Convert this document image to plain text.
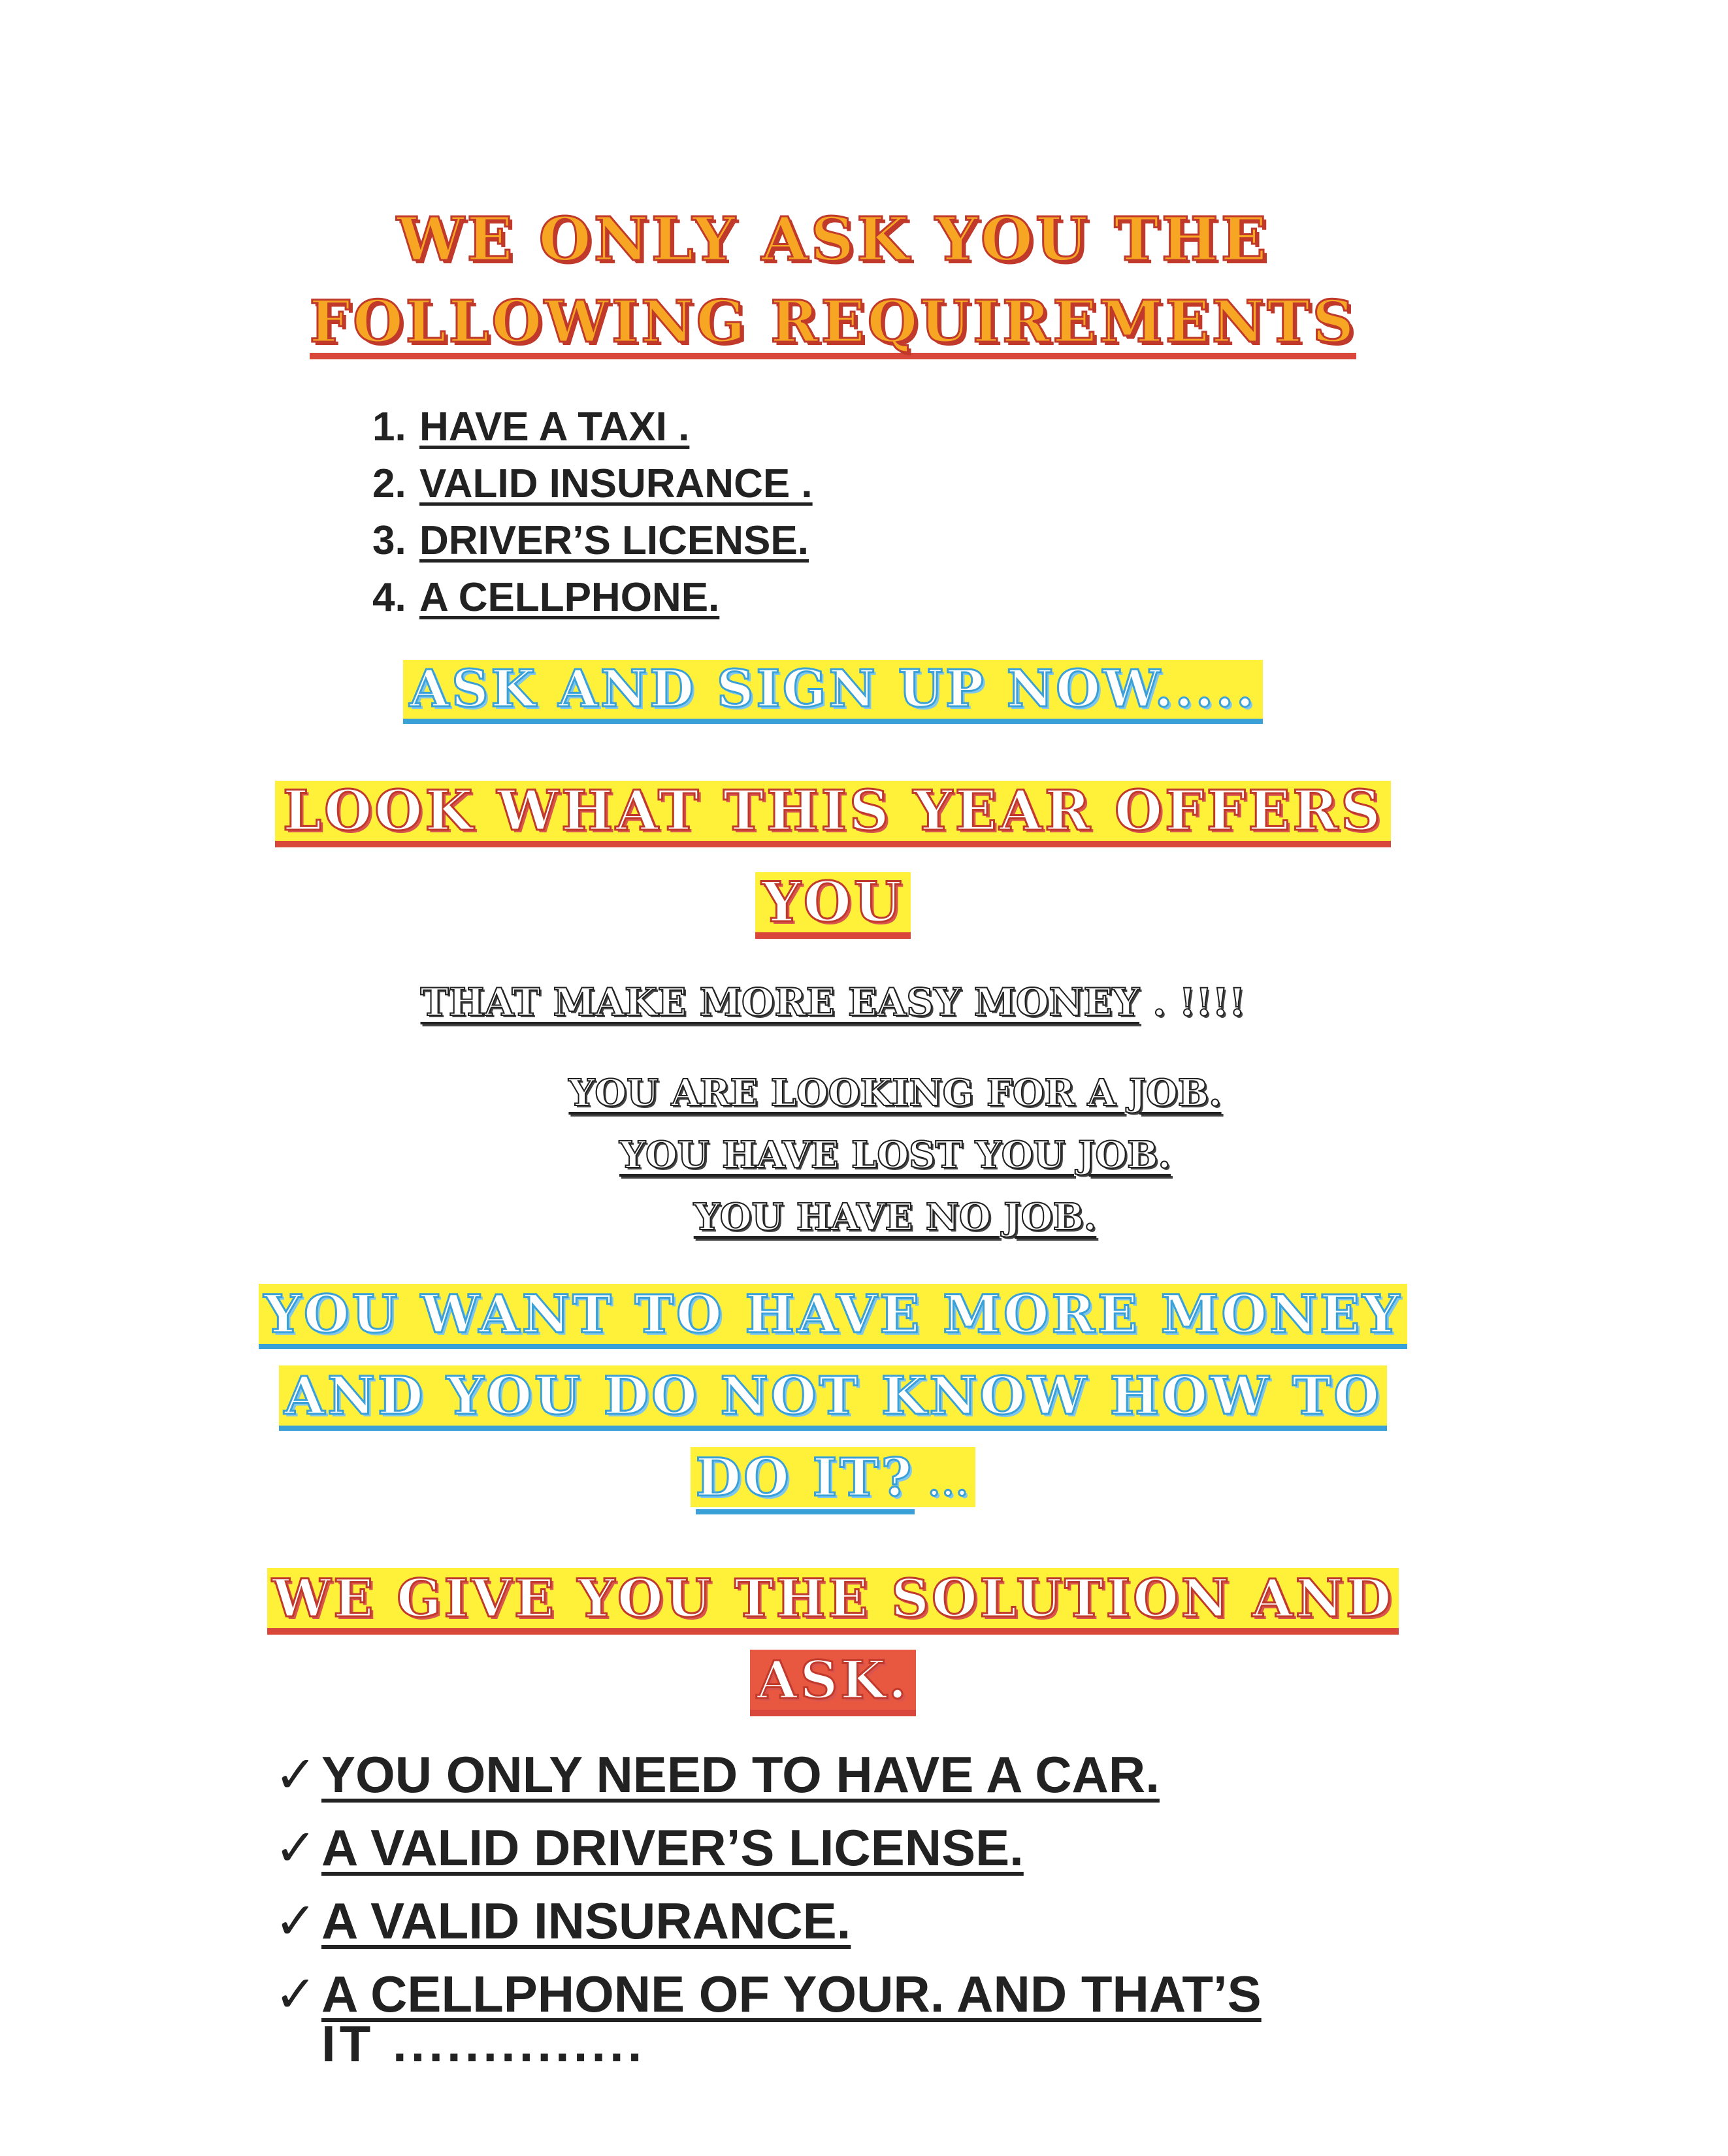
WE ONLY ASK YOU THE
FOLLOWING REQUIREMENTS
1. HAVE A TAXI .
2. VALID INSURANCE .
3. DRIVER’S LICENSE.
4. A CELLPHONE.
ASK AND SIGN UP NOW.....
LOOK WHAT THIS YEAR OFFERS
YOU
THAT MAKE MORE EASY MONEY . !!!!
YOU ARE LOOKING FOR A JOB.
YOU HAVE LOST YOU JOB.
YOU HAVE NO JOB.
YOU WANT TO HAVE MORE MONEY
AND YOU DO NOT KNOW HOW TO
DO IT? ...
WE GIVE YOU THE SOLUTION AND
ASK.
✓YOU ONLY NEED TO HAVE A CAR.
✓A VALID DRIVER’S LICENSE.
✓A VALID INSURANCE.
✓A CELLPHONE OF YOUR. AND THAT’S
IT ..............
